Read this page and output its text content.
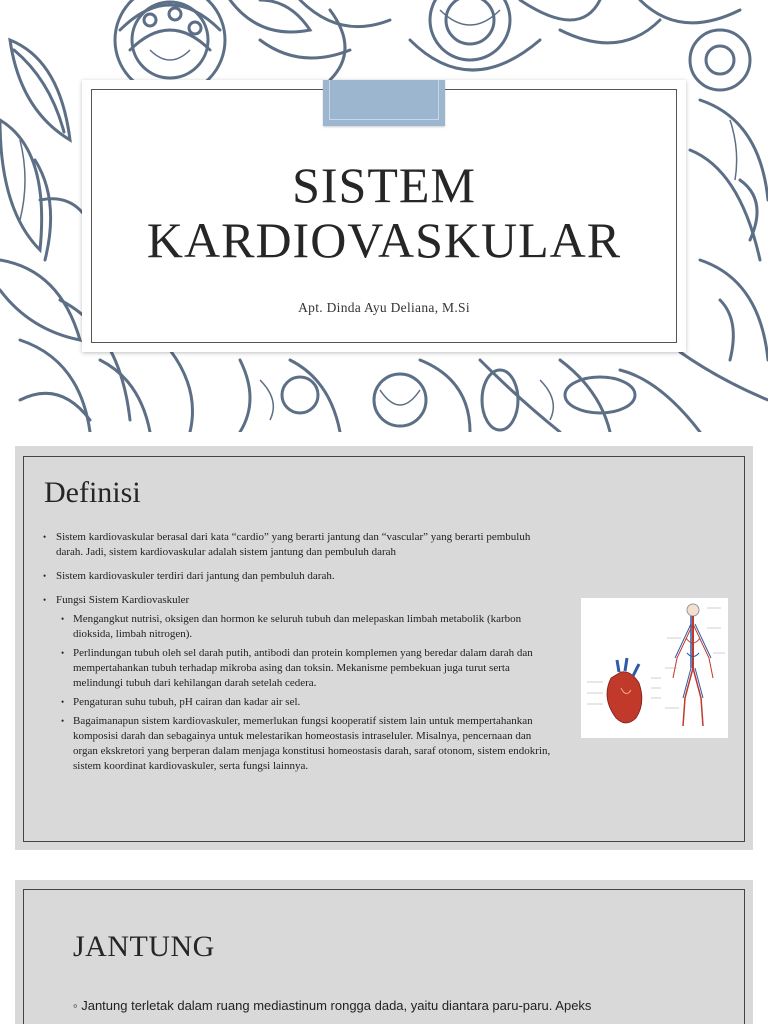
SISTEM
KARDIOVASKULAR
Apt. Dinda Ayu Deliana, M.Si
Definisi
• Sistem kardiovaskular berasal dari kata “cardio” yang berarti jantung dan “vascular” yang berarti pembuluh darah. Jadi, sistem kardiovaskular adalah sistem jantung dan pembuluh darah
• Sistem kardiovaskuler terdiri dari jantung dan pembuluh darah.
• Fungsi Sistem Kardiovaskuler
• Mengangkut nutrisi, oksigen dan hormon ke seluruh tubuh dan melepaskan limbah metabolik (karbon dioksida, limbah nitrogen).
• Perlindungan tubuh oleh sel darah putih, antibodi dan protein komplemen yang beredar dalam darah dan mempertahankan tubuh terhadap mikroba asing dan toksin. Mekanisme pembekuan juga turut serta melindungi tubuh dari kehilangan darah setelah cedera.
• Pengaturan suhu tubuh, pH cairan dan kadar air sel.
• Bagaimanapun sistem kardiovaskuler, memerlukan fungsi kooperatif sistem lain untuk mempertahankan komposisi darah dan sebagainya untuk melestarikan homeostasis intraseluler. Misalnya, pencernaan dan organ ekskretori yang berperan dalam menjaga konstitusi homeostasis darah, saraf otonom, sistem endokrin, sistem koordinat kardiovaskuler, serta fungsi lainnya.
JANTUNG
◦ Jantung terletak dalam ruang mediastinum rongga dada, yaitu diantara paru-paru. Apeks
